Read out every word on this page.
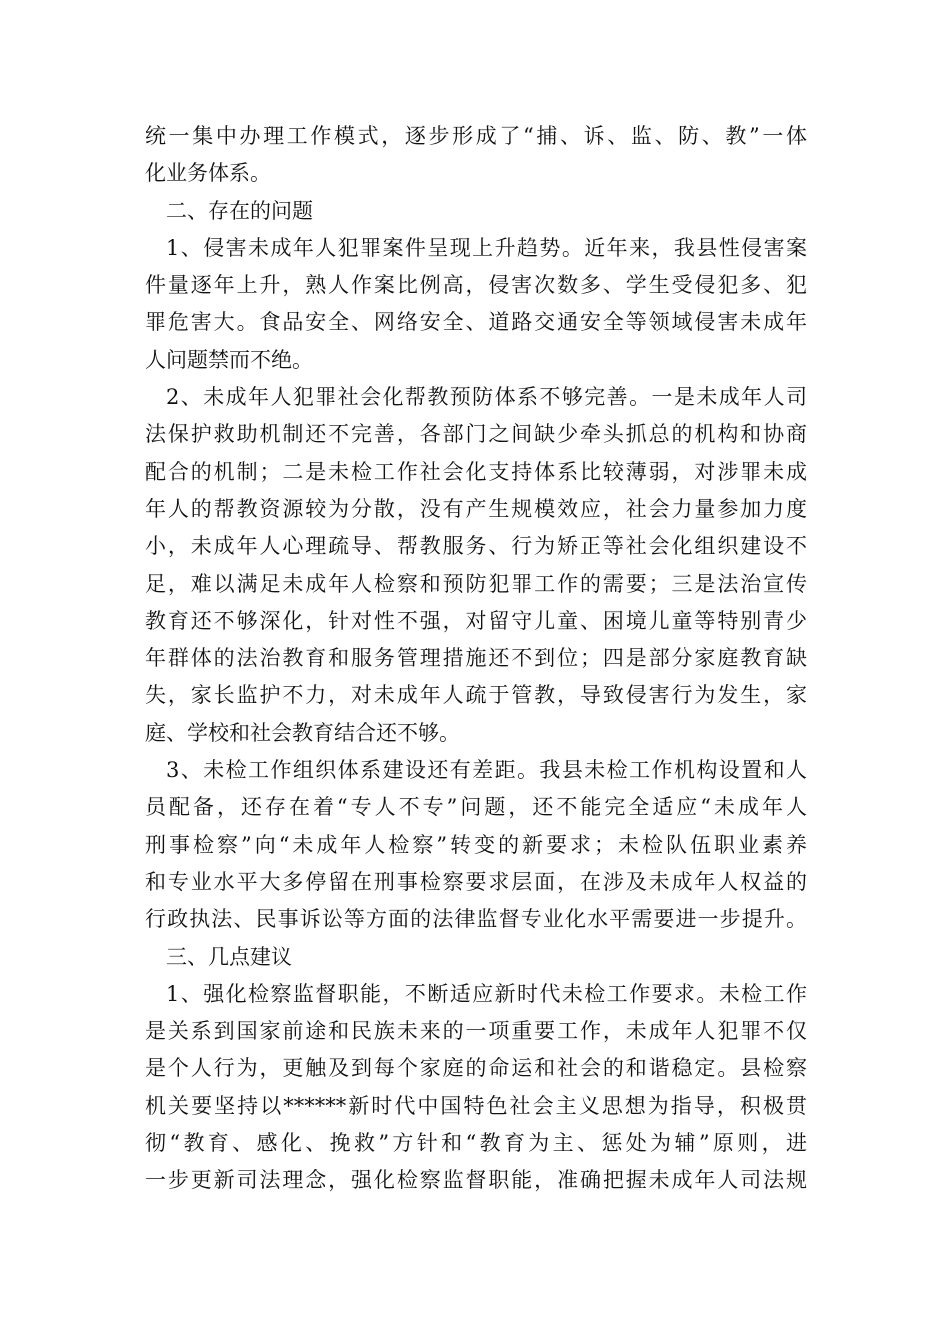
统一集中办理工作模式，逐步形成了“捕、诉、监、防、教”一体
化业务体系。
二、存在的问题
1、侵害未成年人犯罪案件呈现上升趋势。近年来，我县性侵害案
件量逐年上升，熟人作案比例高，侵害次数多、学生受侵犯多、犯
罪危害大。食品安全、网络安全、道路交通安全等领域侵害未成年
人问题禁而不绝。
2、未成年人犯罪社会化帮教预防体系不够完善。一是未成年人司
法保护救助机制还不完善，各部门之间缺少牵头抓总的机构和协商
配合的机制；二是未检工作社会化支持体系比较薄弱，对涉罪未成
年人的帮教资源较为分散，没有产生规模效应，社会力量参加力度
小，未成年人心理疏导、帮教服务、行为矫正等社会化组织建设不
足，难以满足未成年人检察和预防犯罪工作的需要；三是法治宣传
教育还不够深化，针对性不强，对留守儿童、困境儿童等特别青少
年群体的法治教育和服务管理措施还不到位；四是部分家庭教育缺
失，家长监护不力，对未成年人疏于管教，导致侵害行为发生，家
庭、学校和社会教育结合还不够。
3、未检工作组织体系建设还有差距。我县未检工作机构设置和人
员配备，还存在着“专人不专”问题，还不能完全适应“未成年人
刑事检察”向“未成年人检察”转变的新要求；未检队伍职业素养
和专业水平大多停留在刑事检察要求层面，在涉及未成年人权益的
行政执法、民事诉讼等方面的法律监督专业化水平需要进一步提升。
三、几点建议
1、强化检察监督职能，不断适应新时代未检工作要求。未检工作
是关系到国家前途和民族未来的一项重要工作，未成年人犯罪不仅
是个人行为，更触及到每个家庭的命运和社会的和谐稳定。县检察
机关要坚持以******新时代中国特色社会主义思想为指导，积极贯
彻“教育、感化、挽救”方针和“教育为主、惩处为辅”原则，进
一步更新司法理念，强化检察监督职能，准确把握未成年人司法规
